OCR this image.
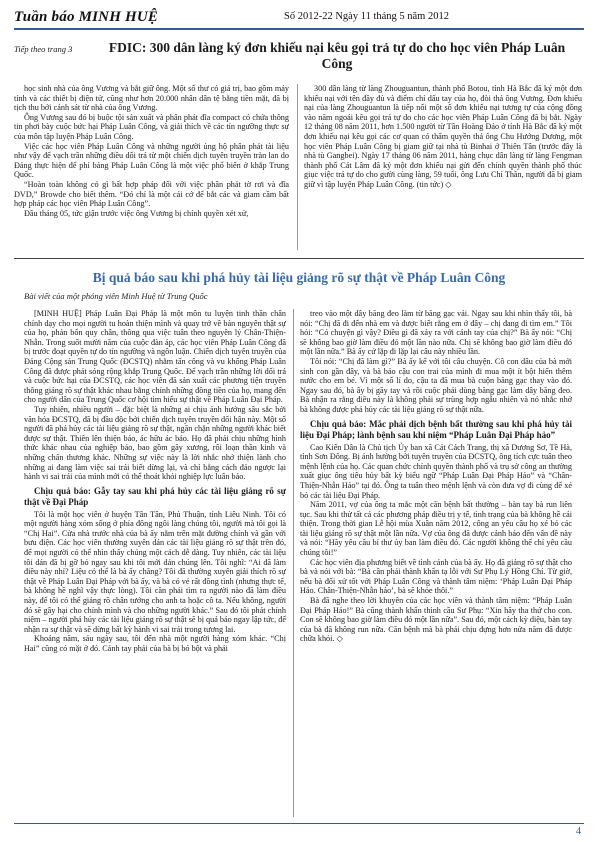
Tuần báo MINH HUỆ	Số 2012-22 Ngày 11 tháng 5 năm 2012
Tiếp theo trang 3	FDIC: 300 dân làng ký đơn khiếu nại kêu gọi trả tự do cho học viên Pháp Luân Công

học sinh nhà của ông Vương và bắt giữ ông. Một số thư có giá trị, bao gồm máy tính và các thiết bị điện tử, cũng như hơn 20.000 nhân dân tệ bằng tiền mặt, đã bị tịch thu bởi cảnh sát từ nhà của ông Vương.

Ông Vương sau đó bị buộc tội sản xuất và phân phát đĩa compact có chứa thông tin phơi bày cuộc bức hại Pháp Luân Công, và giải thích về các tín ngưỡng thực sự của môn tập luyện Pháp Luân Công.

Việc các học viên Pháp Luân Công và những người ủng hộ phân phát tài liệu như vậy để vạch trần những điều dối trá từ một chiến dịch tuyên truyền tràn lan do Đảng thực hiện để phỉ báng Pháp Luân Công là một việc phổ biến ở khắp Trung Quốc.

“Hoàn toàn không có gì bất hợp pháp đối với việc phân phát tờ rơi và đĩa DVD,” Browde cho biết thêm. “Đó chỉ là một cái cớ để bắt các và giam cầm bất hợp pháp các học viên Pháp Luân Công”.

Đầu tháng 05, tức giận trước việc ông Vương bị chính quyền xét xử,

300 dân làng từ làng Zhouguantun, thành phố Botou, tỉnh Hà Bắc đã ký một đơn khiếu nại với tên đầy đủ và điểm chỉ dấu tay của họ, đòi thả ông Vương. Đơn khiếu nại của làng Zhouguantun là tiếp nối một số đơn khiếu nại tương tự của cộng đồng vào năm ngoái kêu gọi trả tự do cho các học viên Pháp Luân Công đã bị bắt. Ngày 12 tháng 08 năm 2011, hơn 1.500 người từ Tân Hoàng Đảo ở tỉnh Hà Bắc đã ký một đơn khiếu nại kêu gọi các cơ quan có thẩm quyền thả ông Chu Hướng Dương, một học viên Pháp Luân Công bị giam giữ tại nhà tù Binhai ở Thiên Tân (trước đây là nhà tù Gangbei). Ngày 17 tháng 06 năm 2011, hàng chục dân làng từ làng Fengman thành phố Cát Lâm đã ký một đơn khiếu nại gửi đến chính quyền thành phố thúc giục việc trả tự do cho gười cùng làng, 59 tuổi, ông Lưu Chí Thần, người đã bị giam giữ vì tập luyện Pháp Luân Công. (tin tức) ◇

Bị quả báo sau khi phá hủy tài liệu giảng rõ sự thật về Pháp Luân Công
Bài viết của một phóng viên Minh Huệ từ Trung Quốc

[MINH HUỆ] Pháp Luân Đại Pháp là một môn tu luyện tinh thần chân chính dạy cho mọi người tu hoàn thiện mình và quay trở về bản nguyên thật sự của họ, phản bổn quy chân, thông qua việc tuân theo nguyên lý Chân-Thiện-Nhẫn. Trong suốt mười năm của cuộc đàn áp, các học viên Pháp Luân Công đã bị trước đoạt quyền tự do tín ngưỡng và ngôn luận. Chiến dịch tuyên truyền của Đảng Cộng sản Trung Quốc (ĐCSTQ) nhằm tấn công và vu khống Pháp Luân Công đã được phát sóng rộng khắp Trung Quốc. Để vạch trần những lời dối trá và cuộc bức hại của ĐCSTQ, các học viên đã sản xuất các phương tiện truyền thông giảng rõ sự thật khác nhau bằng chính những đồng tiền của họ, mang đến cho người dân của Trung Quốc cơ hội tìm hiểu sự thật về Pháp Luân Đại Pháp.

Tuy nhiên, nhiều người – đặc biệt là những ai chịu ảnh hưởng sâu sắc bởi văn hóa ĐCSTQ, đã bị đầu độc bởi chiến dịch tuyên truyền dối hận này. Một số người đã phá hủy các tài liệu giảng rõ sự thật, ngăn chặn những người khác biết được sự thật. Thiên lên thiện báo, ác hữu ác báo. Họ đã phải chịu những hình thức khác nhau của nghiệp báo, bao gồm gãy xương, rối loạn thần kinh và những chấn thương khác. Những sự việc này là lời nhắc nhở thiện lành cho những ai đang làm việc sai trái biết dừng lại, và chỉ bằng cách đảo ngược lại hành vi sai trái của mình mới có thể thoát khỏi nghiệp lực luân báo.

Chịu quả báo: Gẫy tay sau khi phá hủy các tài liệu giảng rõ sự thật về Đại Pháp

Tôi là một học viên ở huyện Tân Tân, Phủ Thuận, tỉnh Liêu Ninh. Tôi có một người hàng xóm sống ở phía đông ngôi làng chúng tôi, người mà tôi gọi là “Chị Hai”. Cửa nhà trước nhà của bà ấy nằm trên mặt đường chính và gần với bưu điện. Các học viên thường xuyên dán các tài liệu giảng rõ sự thật trên đó, để mọi người có thể nhìn thấy chúng một cách dễ dàng. Tuy nhiên, các tài liệu tôi dán đã bị gỡ bỏ ngay sau khi tôi mới dán chúng lên. Tôi nghĩ: “Ai đã làm điều này nhỉ? Liệu có thể là bà ấy chăng? Tôi đã thường xuyên giải thích rõ sự thật về Pháp Luân Đại Pháp với bà ấy, và bà có vẻ rất đồng tình (nhưng thực tế, bà không hề nghĩ vậy thực lòng). Tôi cần phải tìm ra người nào đã làm điều này, để tôi có thể giảng rõ chân tướng cho anh ta hoặc cô ta. Nếu không, người đó sẽ gây hại cho chính mình và cho những người khác.” Sau đó tôi phát chính niệm – người phá hủy các tài liệu giảng rõ sự thật sẽ bị quả báo ngay lập tức, để nhận ra sự thật và sẽ dừng bất kỳ hành vi sai trái trong tương lai.

Khoảng năm, sáu ngày sau, tôi đến nhà một người hàng xóm khác. “Chị Hai” cũng có mặt ở đó. Cánh tay phải của bà bị bó bột và phải

treo vào một dây băng đeo làm từ băng gạc vải. Ngay sau khi nhìn thấy tôi, bà nói: “Chị đã đi đến nhà em và được biết rằng em ở đây – chị đang đi tìm em.” Tôi hỏi: “Có chuyện gì vậy? Điều gì đã xảy ra với cánh tay của chị?” Bà ấy nói: “Chị sẽ không bao giờ làm điều đó một lần nào nữa. Chị sẽ không bao giờ làm điều đó một lần nữa.” Bà ấy cứ lặp đi lặp lại câu này nhiều lần.

Tôi nói: “Chị đã làm gì?” Bà ấy kể với tôi câu chuyện. Cô con dâu của bà mới sinh con gần đây, và bà bảo cậu con trai của mình đi mua một ít bột hiến thêm nước cho em bé. Vì một số lí do, cậu ta đã mua bà cuộn băng gạc thay vào đó. Ngay sau đó, bà ấy bị gãy tay và rồi cuộc phải dùng băng gạc làm dây băng đeo. Bà nhận ra rằng điều này là không phải sự trùng hợp ngẫu nhiên và nó nhắc nhở bà không được phá hủy các tài liệu giảng rõ sự thật nữa.

Chịu quả báo: Mắc phải dịch bệnh bất thường sau khi phá hủy tài liệu Đại Pháp; lành bệnh sau khi niệm “Pháp Luân Đại Pháp hảo”

Cao Kiến Dân là Chủ tịch Ủy ban xã Cát Cách Trang, thị xã Dương Sơ, Tề Hà, tỉnh Sơn Đông. Bị ảnh hưởng bởi tuyên truyền của ĐCSTQ, ông tích cực tuân theo mệnh lệnh của họ. Các quan chức chính quyền thành phố và trụ sở công an thường xuất giục ông tiêu hủy bất kỳ biểu ngữ “Pháp Luân Đại Pháp Hảo” và “Chân-Thiện-Nhẫn Hảo” tại đó. Ông ta tuân theo mệnh lệnh và còn đưa vợ đi cùng để xé bỏ các tài liệu Đại Pháp.

Năm 2011, vợ của ông ta mắc một căn bệnh bất thường – bàn tay bà run liên tục. Sau khi thử tất cả các phương pháp điều trị y tế, tình trạng của bà không hề cải thiện. Trong thời gian Lễ hội mùa Xuân năm 2012, công an yêu cầu họ xé bỏ các tài liệu giảng rõ sự thật một lần nữa. Vợ của ông đã được cảnh báo đến vấn đề này và nói: “Hãy yêu cầu bí thư ủy ban làm điều đó. Các người không thể chỉ yêu cầu chúng tôi!”

Các học viên địa phương biết về tình cảnh của bà ấy. Họ đã giảng rõ sự thật cho bà và nói với bà: “Bà cần phải thành khẩn tạ lỗi với Sư Phụ Lý Hồng Chí. Từ giờ, nếu bà đối xử tốt với Pháp Luân Công và thành tâm niệm: ‘Pháp Luân Đại Pháp Hảo. Chân-Thiện-Nhẫn hảo’, bà sẽ khỏe thôi.”

Bà đã nghe theo lời khuyên của các học viên và thành tâm niệm: “Pháp Luân Đại Pháp Hảo!” Bà cũng thành khẩn thỉnh cầu Sư Phụ: “Xin hãy tha thứ cho con. Con sẽ không bao giờ làm điều đó một lần nữa”. Sau đó, một cách kỳ diệu, bàn tay của bà đã không run nữa. Căn bệnh mà bà phải chịu đựng hơn nửa năm đã được chữa khỏi. ◇

4
